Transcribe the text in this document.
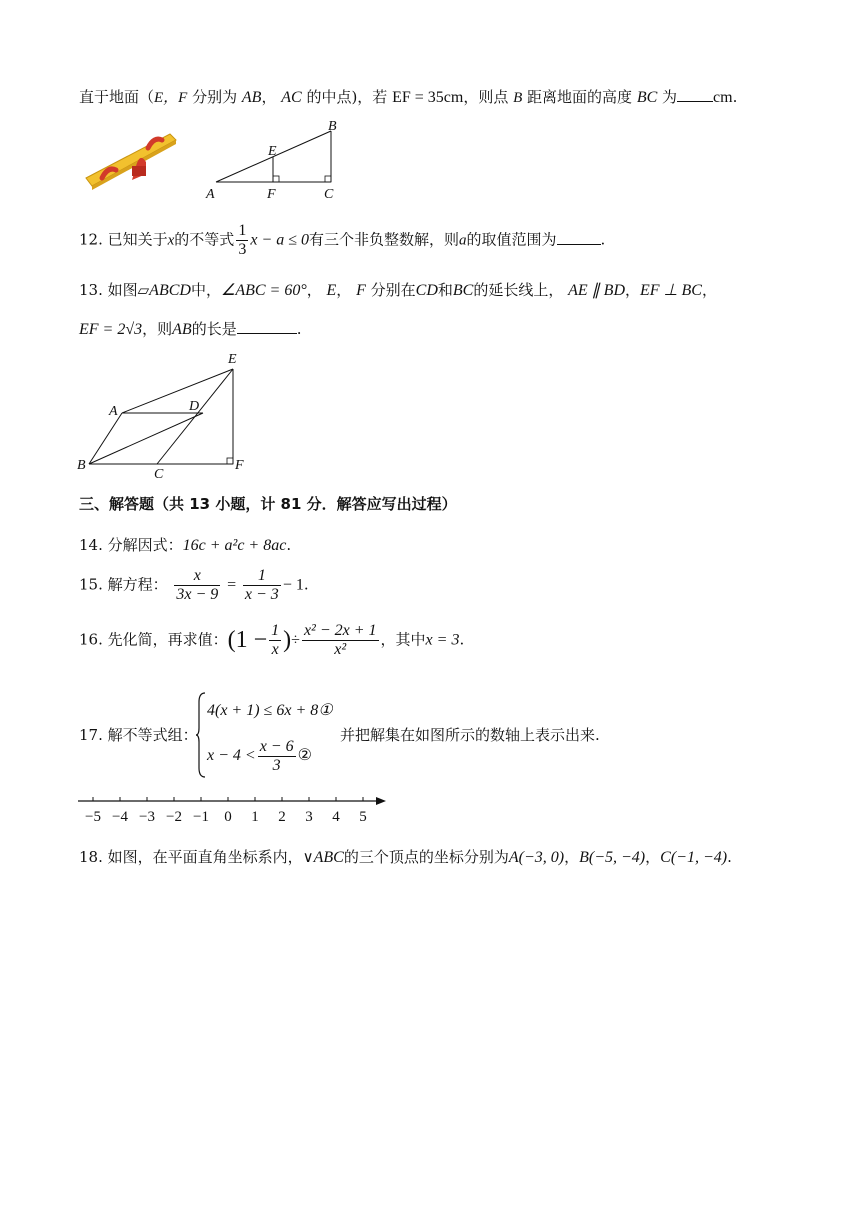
直于地面（E，F 分别为 AB， AC 的中点)，若 EF = 35cm，则点 B 距离地面的高度 BC 为 cm.
B
E
A	F	C
12. 已知关于x的不等式 $\frac{1}{3}$ x − a ≤ 0有三个非负整数解，则a的取值范围为	.
13. 如图▱ABCD中，∠ABC = 60°， E， F 分别在CD和BC的延长线上， AE ∥ BD，EF ⊥ BC，
EF = 2√3，则AB的长是	.
E
A	D
B
C
F
三、解答题（共 13 小题，计 81 分．解答应写出过程）
14. 分解因式：16c + a²c + 8ac.
15. 解方程： $\frac{x}{3x - 9} = \frac{1}{x - 3} - 1$.
16. 先化简，再求值：($1 - \frac{1}{x}$ )÷ $\frac{\text{x² − 2x + 1}}{\text{x²}}$ ，其中x = 3.
17. 解不等式组：
4(x + 1) ≤ 6x + 8①
$x - 4 < \frac{x - 6}{3}$ ②
并把解集在如图所示的数轴上表示出来.
−5 −4 −3 −2 −1 0 1 2 3 4 5
18. 如图，在平面直角坐标系内，∨ABC的三个顶点的坐标分别为A(−3, 0)，B(−5, −4)，C(−1, −4).
